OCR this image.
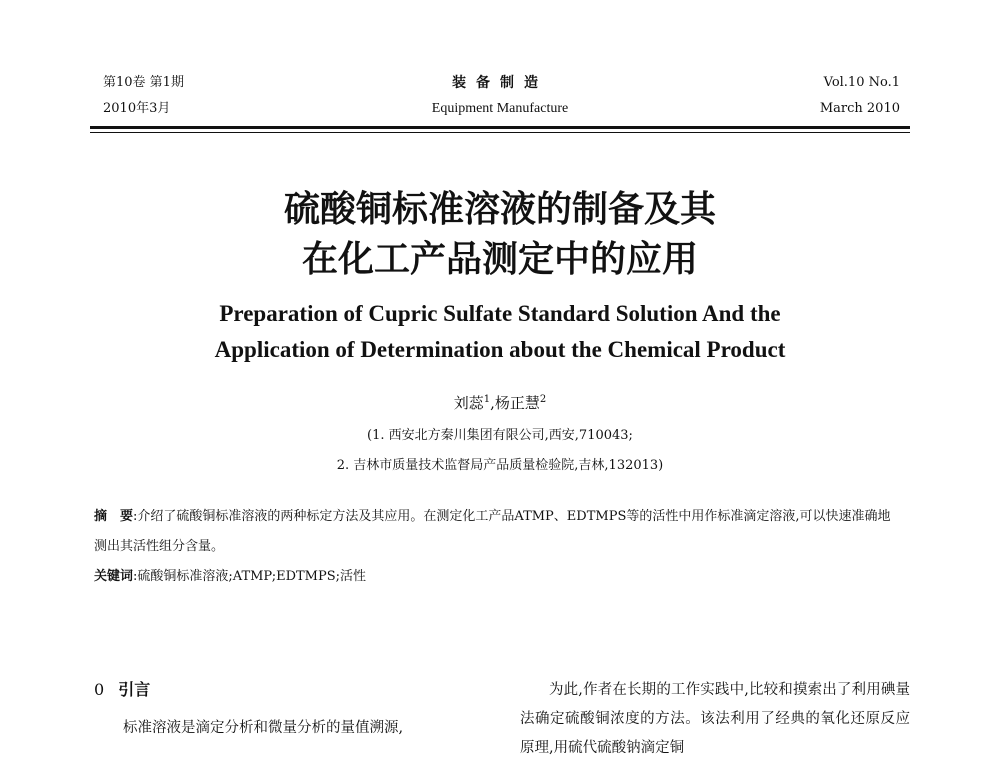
第10卷 第1期
2010年3月
装备制造
Equipment Manufacture
Vol.10 No.1
March 2010
硫酸铜标准溶液的制备及其
在化工产品测定中的应用
Preparation of Cupric Sulfate Standard Solution And the
Application of Determination about the Chemical Product
刘蕊$^1$,杨正慧$^2$
(1. 西安北方秦川集团有限公司,西安,710043;
2. 吉林市质量技术监督局产品质量检验院,吉林,132013)
摘　要:介绍了硫酸铜标准溶液的两种标定方法及其应用。在测定化工产品ATMP、EDTMPS等的活性中用作标准滴定溶液,可以快速准确地测出其活性组分含量。
关键词:硫酸铜标准溶液;ATMP;EDTMPS;活性
0 引言

标准溶液是滴定分析和微量分析的量值溯源,

为此,作者在长期的工作实践中,比较和摸索出了利用碘量法确定硫酸铜浓度的方法。该法利用了经典的氧化还原反应原理,用硫代硫酸钠滴定铜
